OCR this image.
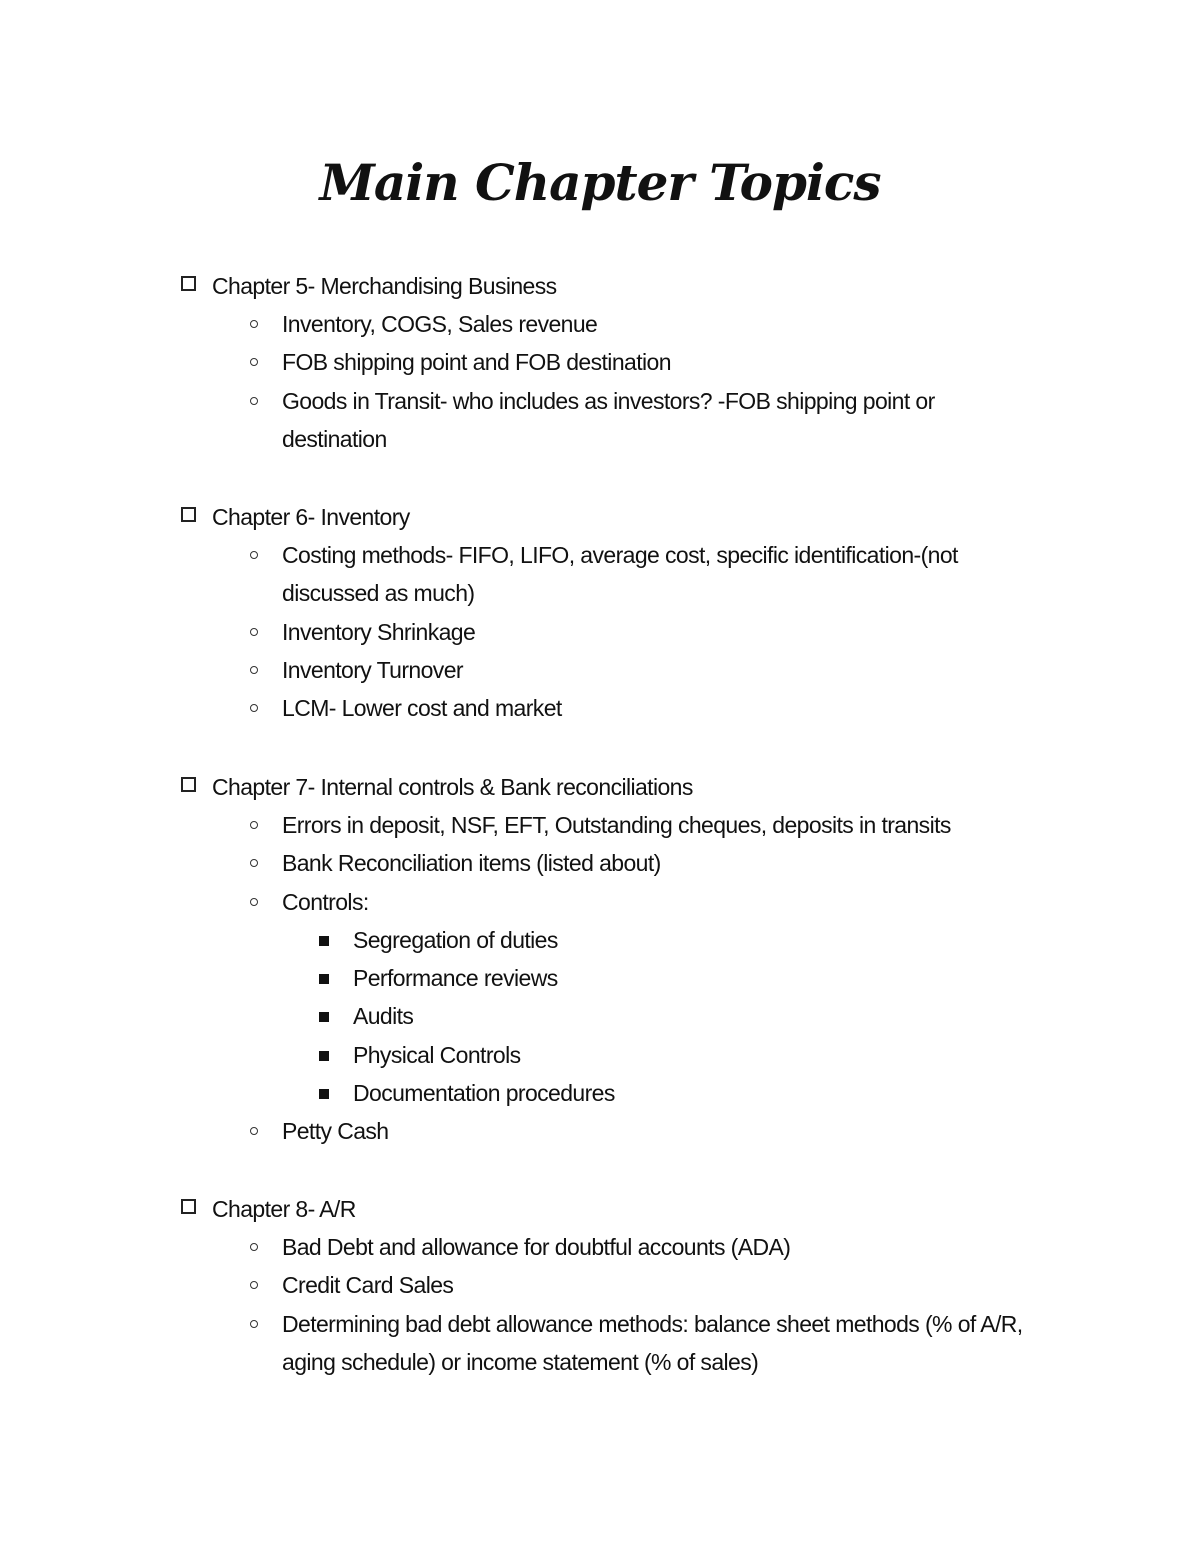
Main Chapter Topics
Chapter 5- Merchandising Business
Inventory, COGS, Sales revenue
FOB shipping point and FOB destination
Goods in Transit- who includes as investors? -FOB shipping point or destination
Chapter 6- Inventory
Costing methods- FIFO, LIFO, average cost, specific identification-(not discussed as much)
Inventory Shrinkage
Inventory Turnover
LCM- Lower cost and market
Chapter 7- Internal controls & Bank reconciliations
Errors in deposit, NSF, EFT, Outstanding cheques, deposits in transits
Bank Reconciliation items (listed about)
Controls:
Segregation of duties
Performance reviews
Audits
Physical Controls
Documentation procedures
Petty Cash
Chapter 8- A/R
Bad Debt and allowance for doubtful accounts (ADA)
Credit Card Sales
Determining bad debt allowance methods: balance sheet methods (% of A/R, aging schedule) or income statement (% of sales)
